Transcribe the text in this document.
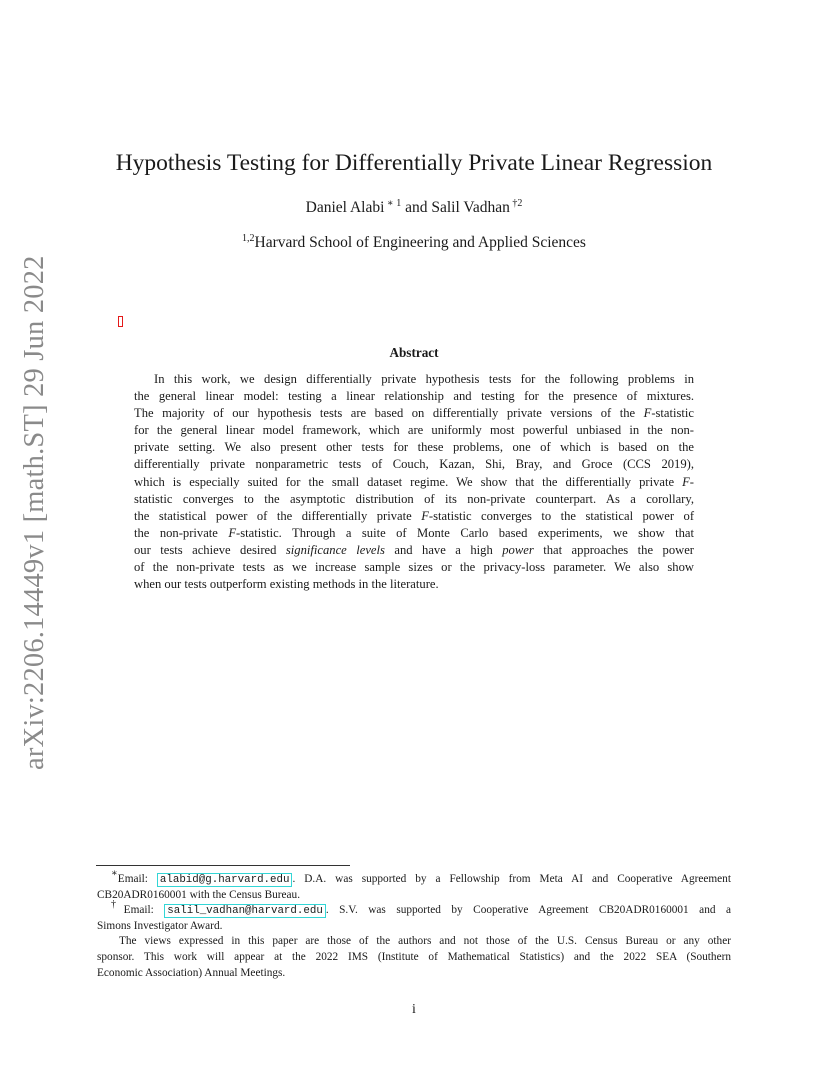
arXiv:2206.14449v1 [math.ST] 29 Jun 2022
Hypothesis Testing for Differentially Private Linear Regression
Daniel Alabi $^{∗ 1}$ and Salil Vadhan $^{\dagger 2}$
$^{1,2}$Harvard School of Engineering and Applied Sciences
Abstract
In this work, we design differentially private hypothesis tests for the following problems in
the general linear model: testing a linear relationship and testing for the presence of mixtures.
The majority of our hypothesis tests are based on differentially private versions of the F-statistic
for the general linear model framework, which are uniformly most powerful unbiased in the non-
private setting. We also present other tests for these problems, one of which is based on the
differentially private nonparametric tests of Couch, Kazan, Shi, Bray, and Groce (CCS 2019),
which is especially suited for the small dataset regime. We show that the differentially private F-
statistic converges to the asymptotic distribution of its non-private counterpart. As a corollary,
the statistical power of the differentially private F-statistic converges to the statistical power of
the non-private F-statistic. Through a suite of Monte Carlo based experiments, we show that
our tests achieve desired significance levels and have a high power that approaches the power
of the non-private tests as we increase sample sizes or the privacy-loss parameter. We also show
when our tests outperform existing methods in the literature.
∗Email: alabid@g.harvard.edu . D.A. was supported by a Fellowship from Meta AI and Cooperative Agreement
CB20ADR0160001 with the Census Bureau.
†Email: salil_vadhan@harvard.edu . S.V. was supported by Cooperative Agreement CB20ADR0160001 and a
Simons Investigator Award.
The views expressed in this paper are those of the authors and not those of the U.S. Census Bureau or any other
sponsor. This work will appear at the 2022 IMS (Institute of Mathematical Statistics) and the 2022 SEA (Southern
Economic Association) Annual Meetings.
i
